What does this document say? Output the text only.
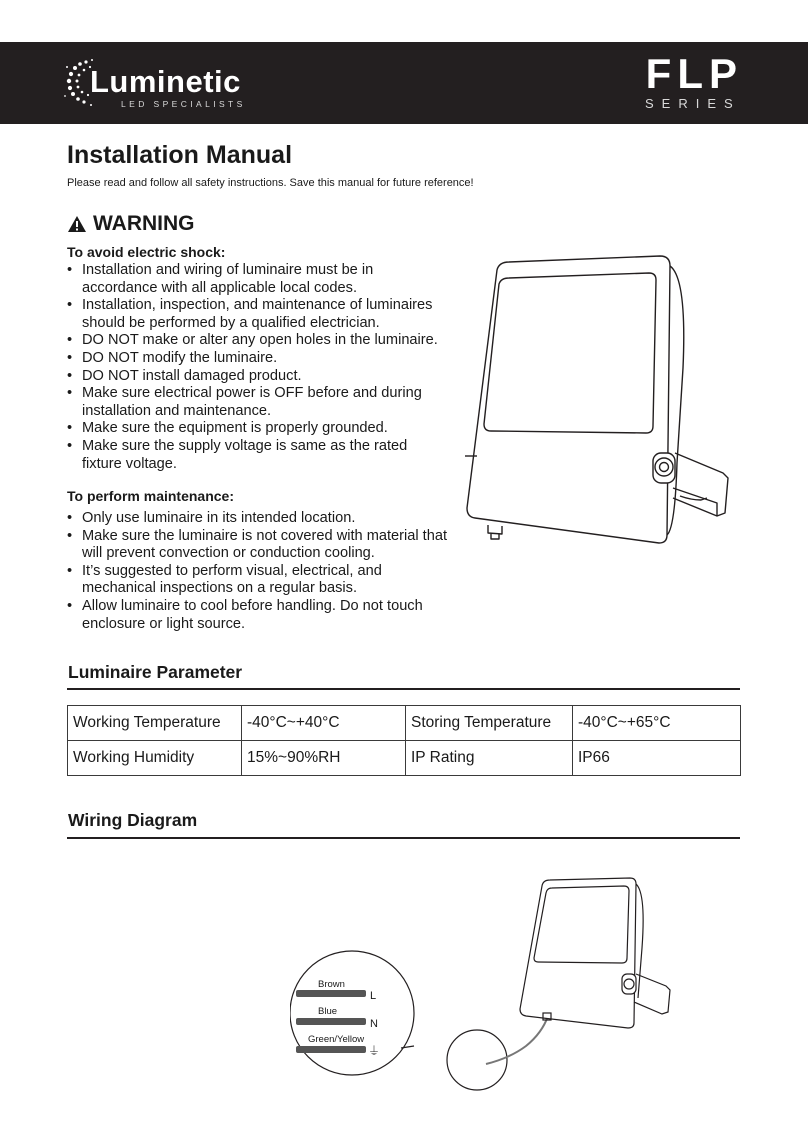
Luminetic
LED SPECIALISTS
FLP
SERIES
Installation Manual
Please read and follow all safety instructions. Save this manual for future reference!
WARNING
To avoid electric shock:
• Installation and wiring of luminaire must be in accordance with all applicable local codes.
• Installation, inspection, and maintenance of luminaires should be performed by a qualified electrician.
• DO NOT make or alter any open holes in the luminaire.
• DO NOT modify the luminaire.
• DO NOT install damaged product.
• Make sure electrical power is OFF before and during installation and maintenance.
• Make sure the equipment is properly grounded.
• Make sure the supply voltage is same as the rated fixture voltage.
To perform maintenance:
• Only use luminaire in its intended location.
• Make sure the luminaire is not covered with material that will prevent convection or conduction cooling.
• It’s suggested to perform visual, electrical, and mechanical inspections on a regular basis.
• Allow luminaire to cool before handling. Do not touch enclosure or light source.
Luminaire Parameter
Working Temperature	-40°C~+40°C	Storing Temperature	-40°C~+65°C
Working Humidity	15%~90%RH	IP Rating	IP66
Wiring Diagram
Brown
L
Blue
N
Green/Yellow
⏚
